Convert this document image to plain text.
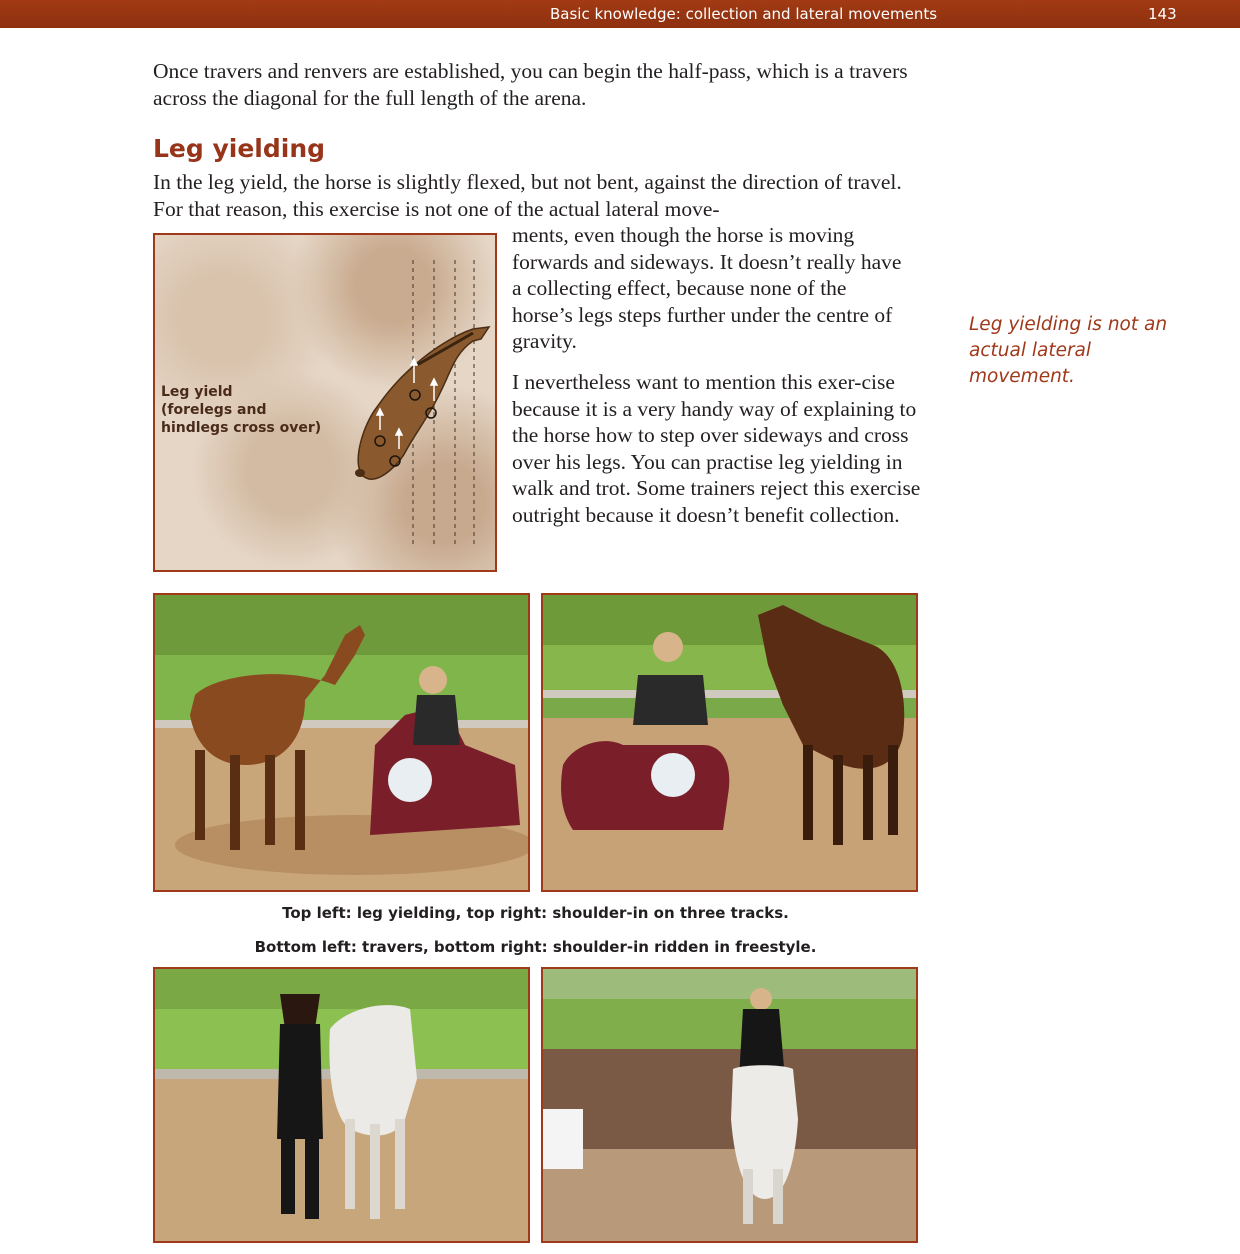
Basic knowledge: collection and lateral movements	143

Once travers and renvers are established, you can begin the half-pass, which is a travers across the diagonal for the full length of the arena.

Leg yielding

In the leg yield, the horse is slightly flexed, but not bent, against the direction of travel. For that reason, this exercise is not one of the actual lateral move-

ments, even though the horse is moving forwards and sideways. It doesn’t really have a collecting effect, because none of the horse’s legs steps further under the centre of gravity.

I nevertheless want to mention this exer-cise because it is a very handy way of explaining to the horse how to step over sideways and cross over his legs. You can practise leg yielding in walk and trot. Some trainers reject this exercise outright because it doesn’t benefit collection.

Leg yielding is not an actual lateral movement.

Leg yield
(forelegs and
hindlegs cross over)

Top left: leg yielding, top right: shoulder-in on three tracks.

Bottom left: travers, bottom right: shoulder-in ridden in freestyle.
